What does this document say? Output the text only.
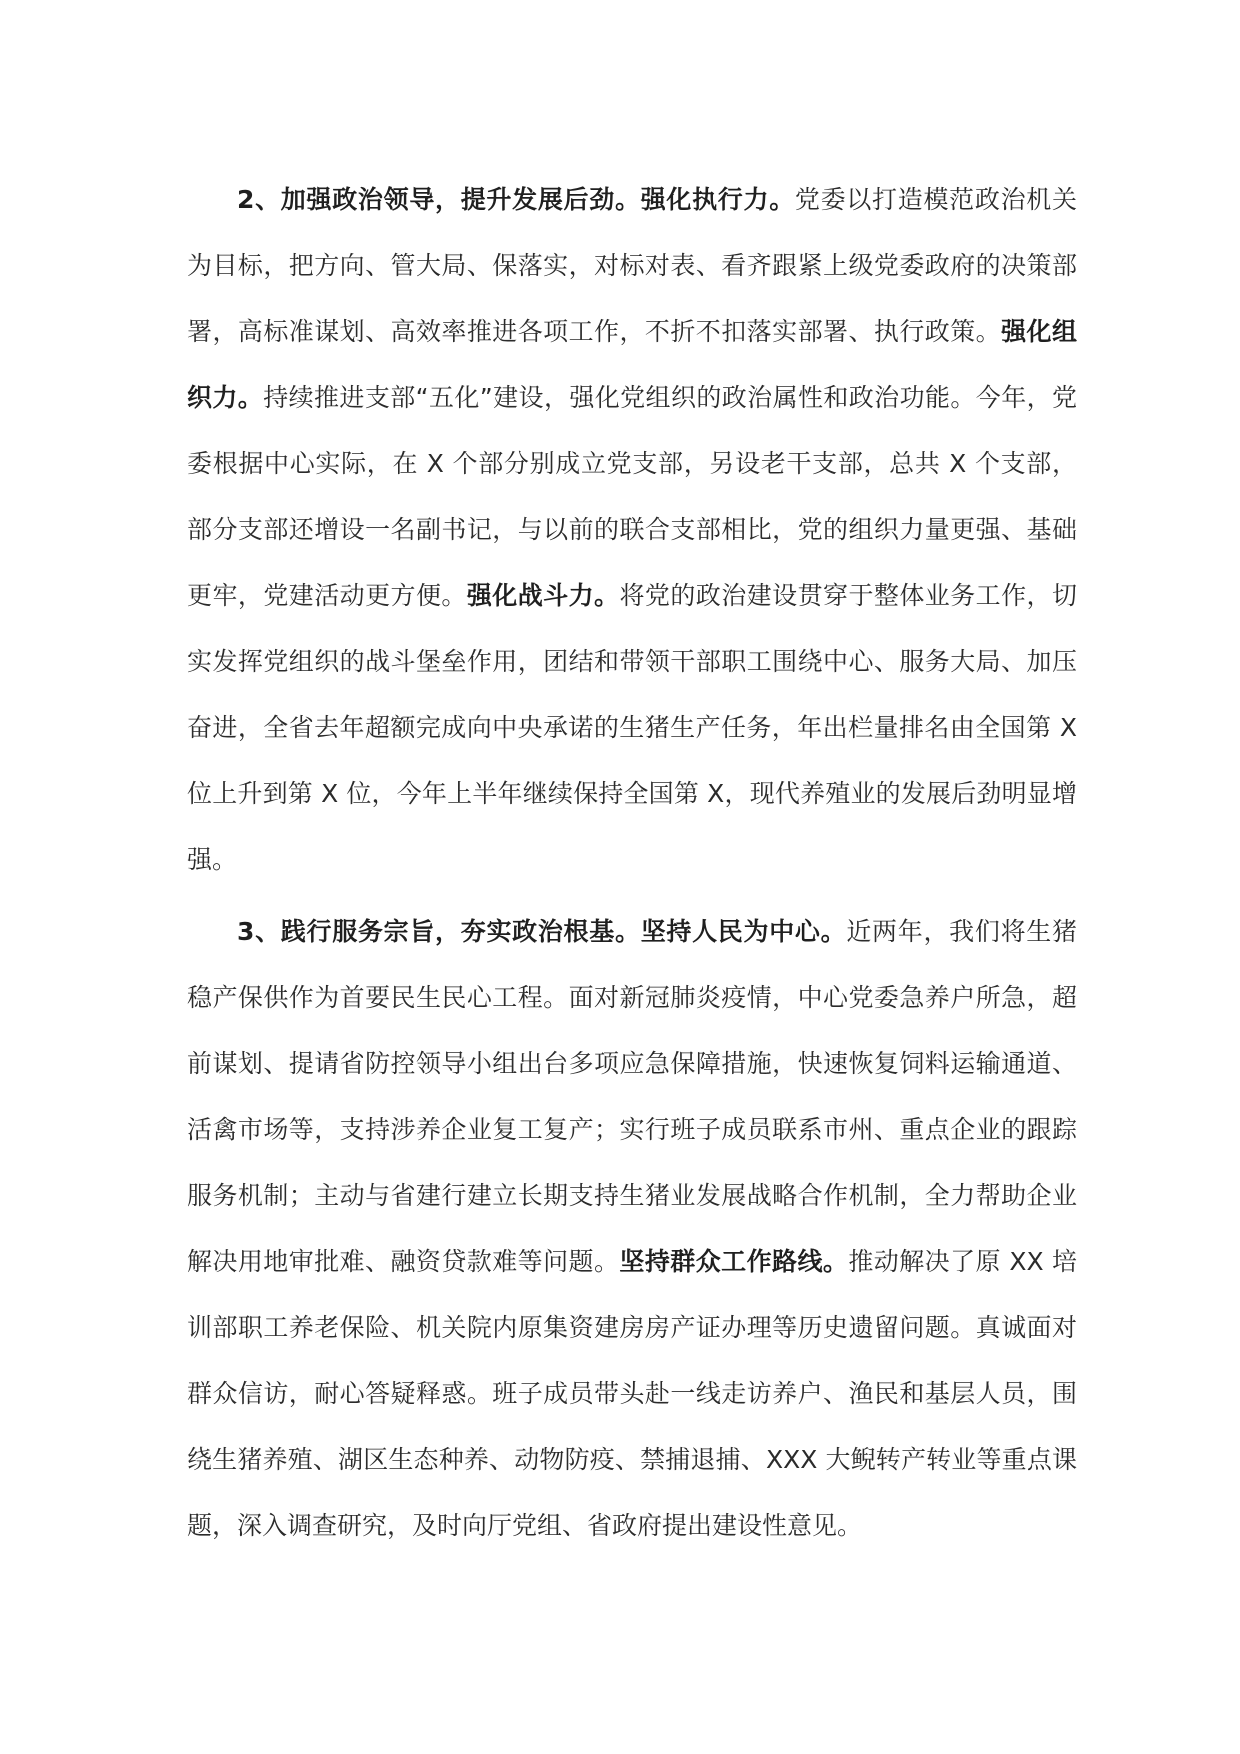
2、加强政治领导，提升发展后劲。强化执行力。党委以打造模范政治机关为目标，把方向、管大局、保落实，对标对表、看齐跟紧上级党委政府的决策部署，高标准谋划、高效率推进各项工作，不折不扣落实部署、执行政策。强化组织力。持续推进支部“五化”建设，强化党组织的政治属性和政治功能。今年，党委根据中心实际，在 X 个部分别成立党支部，另设老干支部，总共 X 个支部，部分支部还增设一名副书记，与以前的联合支部相比，党的组织力量更强、基础更牢，党建活动更方便。强化战斗力。将党的政治建设贯穿于整体业务工作，切实发挥党组织的战斗堡垒作用，团结和带领干部职工围绕中心、服务大局、加压奋进，全省去年超额完成向中央承诺的生猪生产任务，年出栏量排名由全国第 X 位上升到第 X 位，今年上半年继续保持全国第 X，现代养殖业的发展后劲明显增强。

3、践行服务宗旨，夯实政治根基。坚持人民为中心。近两年，我们将生猪稳产保供作为首要民生民心工程。面对新冠肺炎疫情，中心党委急养户所急，超前谋划、提请省防控领导小组出台多项应急保障措施，快速恢复饲料运输通道、活禽市场等，支持涉养企业复工复产；实行班子成员联系市州、重点企业的跟踪服务机制；主动与省建行建立长期支持生猪业发展战略合作机制，全力帮助企业解决用地审批难、融资贷款难等问题。坚持群众工作路线。推动解决了原 XX 培训部职工养老保险、机关院内原集资建房房产证办理等历史遗留问题。真诚面对群众信访，耐心答疑释惑。班子成员带头赴一线走访养户、渔民和基层人员，围绕生猪养殖、湖区生态种养、动物防疫、禁捕退捕、XXX 大鲵转产转业等重点课题，深入调查研究，及时向厅党组、省政府提出建设性意见。
